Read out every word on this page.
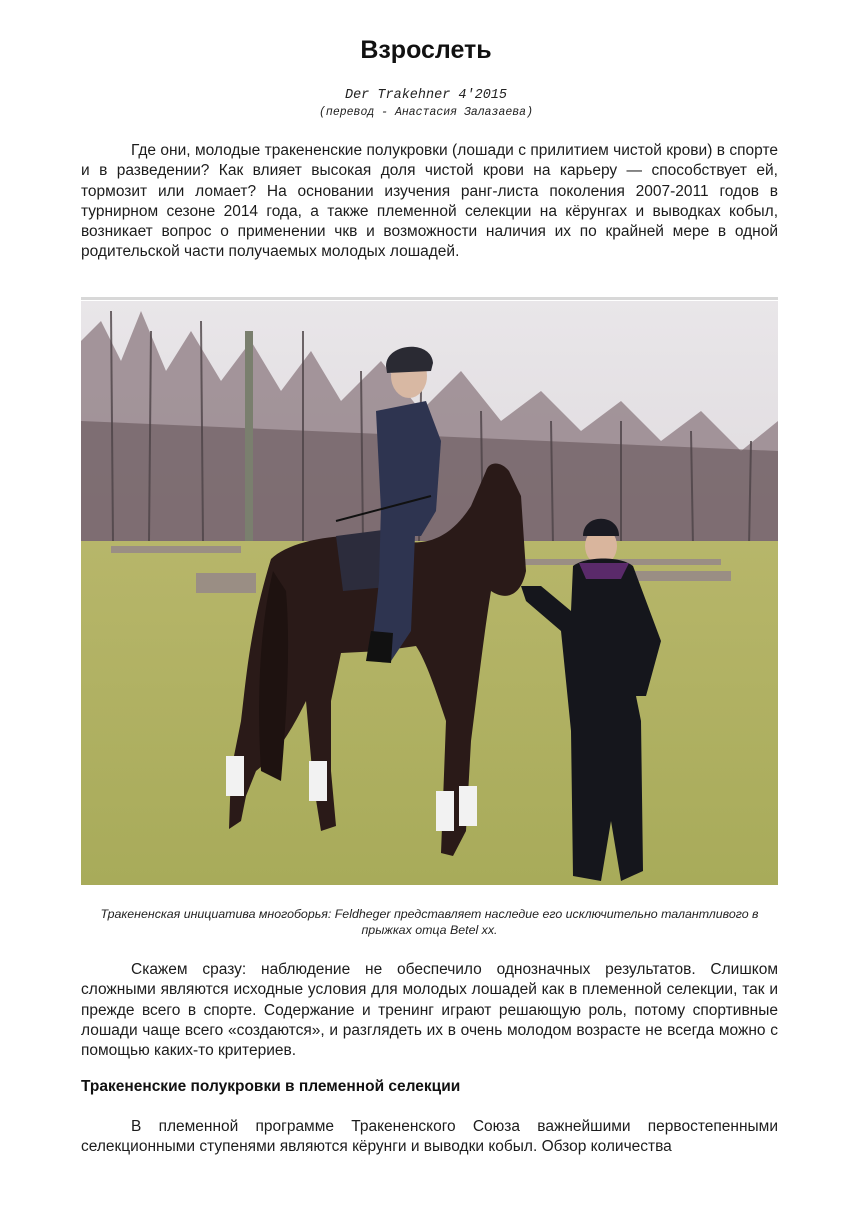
Взрослеть
Der Trakehner 4'2015
(перевод - Анастасия Залазаева)

Где они, молодые тракененские полукровки (лошади с прилитием чистой крови) в спорте и в разведении? Как влияет высокая доля чистой крови на карьеру — способствует ей, тормозит или ломает? На основании изучения ранг-листа поколения 2007-2011 годов в турнирном сезоне 2014 года, а также племенной селекции на кёрунгах и выводках кобыл, возникает вопрос о применении чкв и возможности наличия их по крайней мере в одной родительской части получаемых молодых лошадей.

Тракененская инициатива многоборья: Feldheger представляет наследие его исключительно талантливого в прыжках отца Betel xx.

Скажем сразу: наблюдение не обеспечило однозначных результатов. Слишком сложными являются исходные условия для молодых лошадей как в племенной селекции, так и прежде всего в спорте. Содержание и тренинг играют решающую роль, потому спортивные лошади чаще всего «создаются», и разглядеть их в очень молодом возрасте не всегда можно с помощью каких-то критериев.

Тракененские полукровки в племенной селекции

В племенной программе Тракененского Союза важнейшими первостепенными селекционными ступенями являются кёрунги и выводки кобыл. Обзор количества
